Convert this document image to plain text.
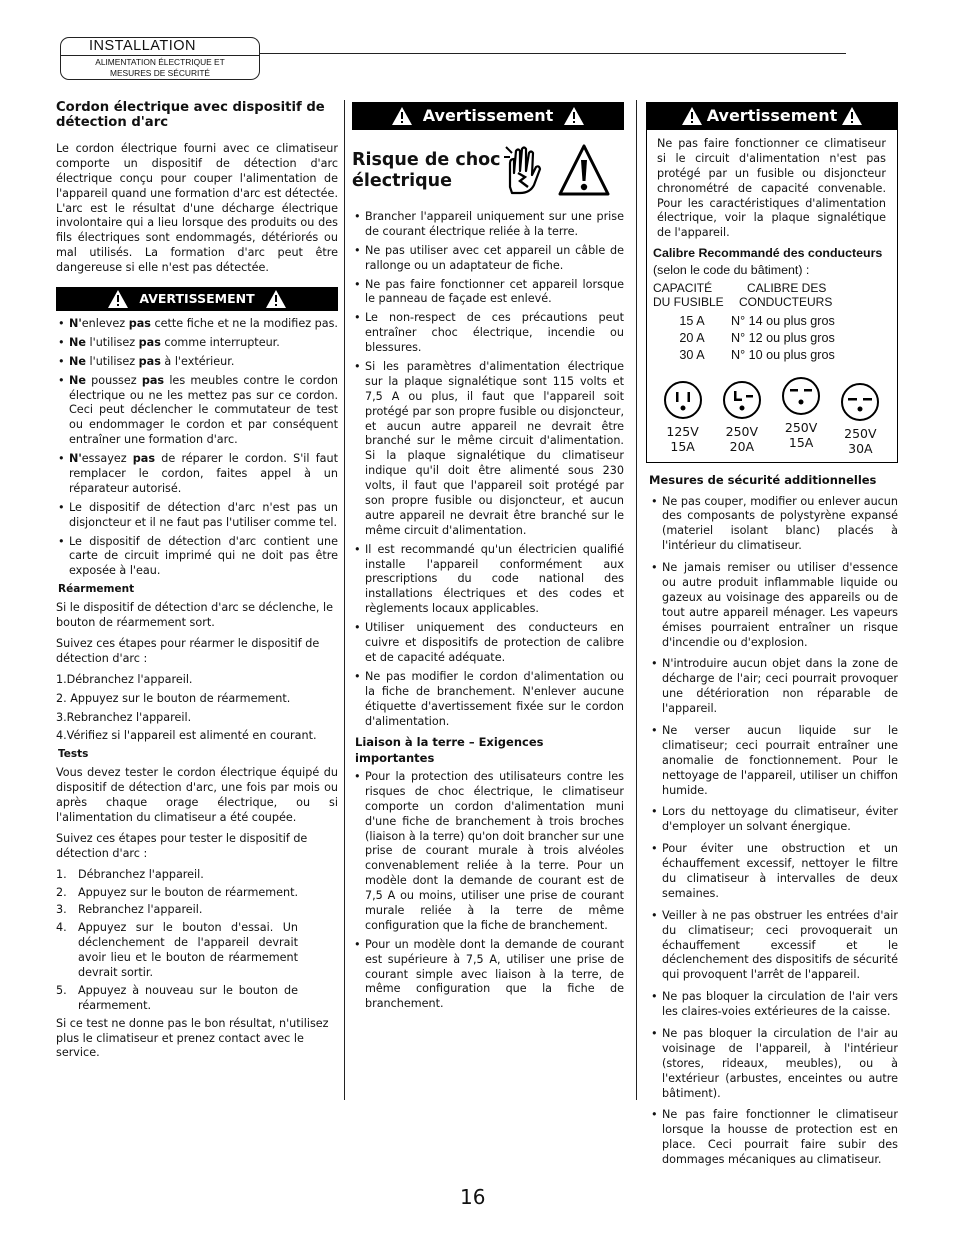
INSTALLATION
ALIMENTATION ÉLECTRIQUE ET
MESURES DE SÉCURITÉ
Cordon électrique avec dispositif de détection d'arc

Le cordon électrique fourni avec ce climatiseur comporte un dispositif de détection d'arc électrique conçu pour couper l'alimentation de l'appareil quand une formation d'arc est détectée. L'arc est le résultat d'une décharge électrique involontaire qui a lieu lorsque des produits ou des fils électriques sont endommagés, détériorés ou mal utilisés. La formation d'arc peut être dangereuse si elle n'est pas détectée.

AVERTISSEMENT
• N'enlevez pas cette fiche et ne la modifiez pas.
• Ne l'utilisez pas comme interrupteur.
• Ne l'utilisez pas à l'extérieur.
• Ne poussez pas les meubles contre le cordon électrique ou ne les mettez pas sur ce cordon. Ceci peut déclencher le commutateur de test ou endommager le cordon et par conséquent entraîner une formation d'arc.
• N'essayez pas de réparer le cordon. S'il faut remplacer le cordon, faites appel à un réparateur autorisé.
• Le dispositif de détection d'arc n'est pas un disjoncteur et il ne faut pas l'utiliser comme tel.
• Le dispositif de détection d'arc contient une carte de circuit imprimé qui ne doit pas être exposée à l'eau.

Réarmement

Si le dispositif de détection d'arc se déclenche, le bouton de réarmement sort.

Suivez ces étapes pour réarmer le dispositif de détection d'arc :

1.Débranchez l'appareil.
2. Appuyez sur le bouton de réarmement.
3.Rebranchez l'appareil.
4.Vérifiez si l'appareil est alimenté en courant.

Tests

Vous devez tester le cordon électrique équipé du dispositif de détection d'arc, une fois par mois ou après chaque orage électrique, ou si l'alimentation du climatiseur a été coupée.

Suivez ces étapes pour tester le dispositif de détection d'arc :

1.	Débranchez l'appareil.
2.	Appuyez sur le bouton de réarmement.
3.	Rebranchez l'appareil.
4.	Appuyez sur le bouton d'essai. Un déclenchement de l'appareil devrait avoir lieu et le bouton de réarmement devrait sortir.
5.	Appuyez à nouveau sur le bouton de réarmement.

Si ce test ne donne pas le bon résultat, n'utilisez plus le climatiseur et prenez contact avec le service.

Avertissement
Risque de choc électrique
• Brancher l'appareil uniquement sur une prise de courant électrique reliée à la terre.
• Ne pas utiliser avec cet appareil un câble de rallonge ou un adaptateur de fiche.
• Ne pas faire fonctionner cet appareil lorsque le panneau de façade est enlevé.
• Le non-respect de ces précautions peut entraîner choc électrique, incendie ou blessures.
• Si les paramètres d'alimentation électrique sur la plaque signalétique sont 115 volts et 7,5 A ou plus, il faut que l'appareil soit protégé par son propre fusible ou disjoncteur, et aucun autre appareil ne devrait être branché sur le même circuit d'alimentation. Si la plaque signalétique du climatiseur indique qu'il doit être alimenté sous 230 volts, il faut que l'appareil soit protégé par son propre fusible ou disjoncteur, et aucun autre appareil ne devrait être branché sur le même circuit d'alimentation.
• Il est recommandé qu'un électricien qualifié installe l'appareil conformément aux prescriptions du code national des installations électriques et des codes et règlements locaux applicables.
• Utiliser uniquement des conducteurs en cuivre et dispositifs de protection de calibre et de capacité adéquate.
• Ne pas modifier le cordon d'alimentation ou la fiche de branchement. N'enlever aucune étiquette d'avertissement fixée sur le cordon d'alimentation.

Liaison à la terre – Exigences importantes

• Pour la protection des utilisateurs contre les risques de choc électrique, le climatiseur comporte un cordon d'alimentation muni d'une fiche de branchement à trois broches (liaison à la terre) qu'on doit brancher sur une prise de courant murale à trois alvéoles convenablement reliée à la terre. Pour un modèle dont la demande de courant est de 7,5 A ou moins, utiliser une prise de courant murale reliée à la terre de même configuration que la fiche de branchement.
• Pour un modèle dont la demande de courant est supérieure à 7,5 A, utiliser une prise de courant simple avec liaison à la terre, de même configuration que la fiche de branchement.
Avertissement

Ne pas faire fonctionner ce climatiseur si le circuit d'alimentation n'est pas protégé par un fusible ou disjoncteur chronométré de capacité convenable. Pour les caractéristiques d'alimentation électrique, voir la plaque signalétique de l'appareil.

Calibre Recommandé des conducteurs

(selon le code du bâtiment) :

CAPACITÉ
DU FUSIBLE
CALIBRE DES
CONDUCTEURS
15 A	N° 14 ou plus gros
20 A	N° 12 ou plus gros
30 A	N° 10 ou plus gros
125V
15A
250V
20A
250V
15A
250V
30A

Mesures de sécurité additionnelles

• Ne pas couper, modifier ou enlever aucun des composants de polystyrène expansé (materiel isolant blanc) placés à l'intérieur du climatiseur.
• Ne jamais remiser ou utiliser d'essence ou autre produit inflammable liquide ou gazeux au voisinage des appareils ou de tout autre appareil ménager. Les vapeurs émises pourraient entraîner un risque d'incendie ou d'explosion.
• N'introduire aucun objet dans la zone de décharge de l'air; ceci pourrait provoquer une détérioration non réparable de l'appareil.
• Ne verser aucun liquide sur le climatiseur; ceci pourrait entraîner une anomalie de fonctionnement. Pour le nettoyage de l'appareil, utiliser un chiffon humide.
• Lors du nettoyage du climatiseur, éviter d'employer un solvant énergique.
• Pour éviter une obstruction et un échauffement excessif, nettoyer le filtre du climatiseur à intervalles de deux semaines.
• Veiller à ne pas obstruer les entrées d'air du climatiseur; ceci provoquerait un échauffement excessif et le déclenchement des dispositifs de sécurité qui provoquent l'arrêt de l'appareil.
• Ne pas bloquer la circulation de l'air vers les claires-voies extérieures de la caisse.
• Ne pas bloquer la circulation de l'air au voisinage de l'appareil, à l'intérieur (stores, rideaux, meubles), ou à l'extérieur (arbustes, enceintes ou autre bâtiment).
• Ne pas faire fonctionner le climatiseur lorsque la housse de protection est en place. Ceci pourrait faire subir des dommages mécaniques au climatiseur.
16
